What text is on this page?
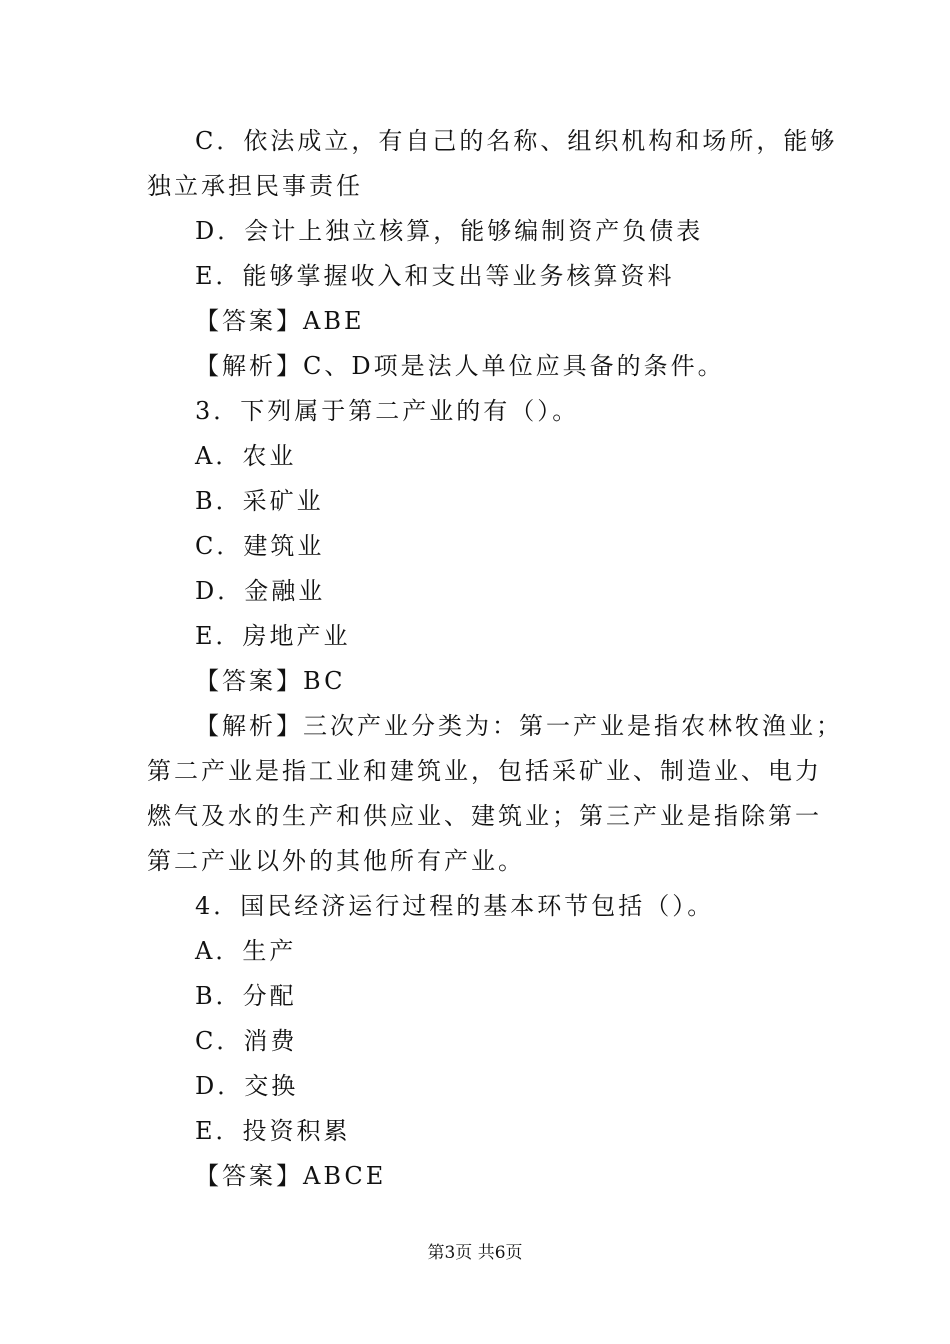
C．依法成立，有自己的名称、组织机构和场所，能够
独立承担民事责任
D．会计上独立核算，能够编制资产负债表
E．能够掌握收入和支出等业务核算资料
【答案】ABE
【解析】C、D项是法人单位应具备的条件。
3．下列属于第二产业的有（）。
A．农业
B．采矿业
C．建筑业
D．金融业
E．房地产业
【答案】BC
【解析】三次产业分类为：第一产业是指农林牧渔业；
第二产业是指工业和建筑业，包括采矿业、制造业、电力
燃气及水的生产和供应业、建筑业；第三产业是指除第一
第二产业以外的其他所有产业。
4．国民经济运行过程的基本环节包括（）。
A．生产
B．分配
C．消费
D．交换
E．投资积累
【答案】ABCE
第3页 共6页
